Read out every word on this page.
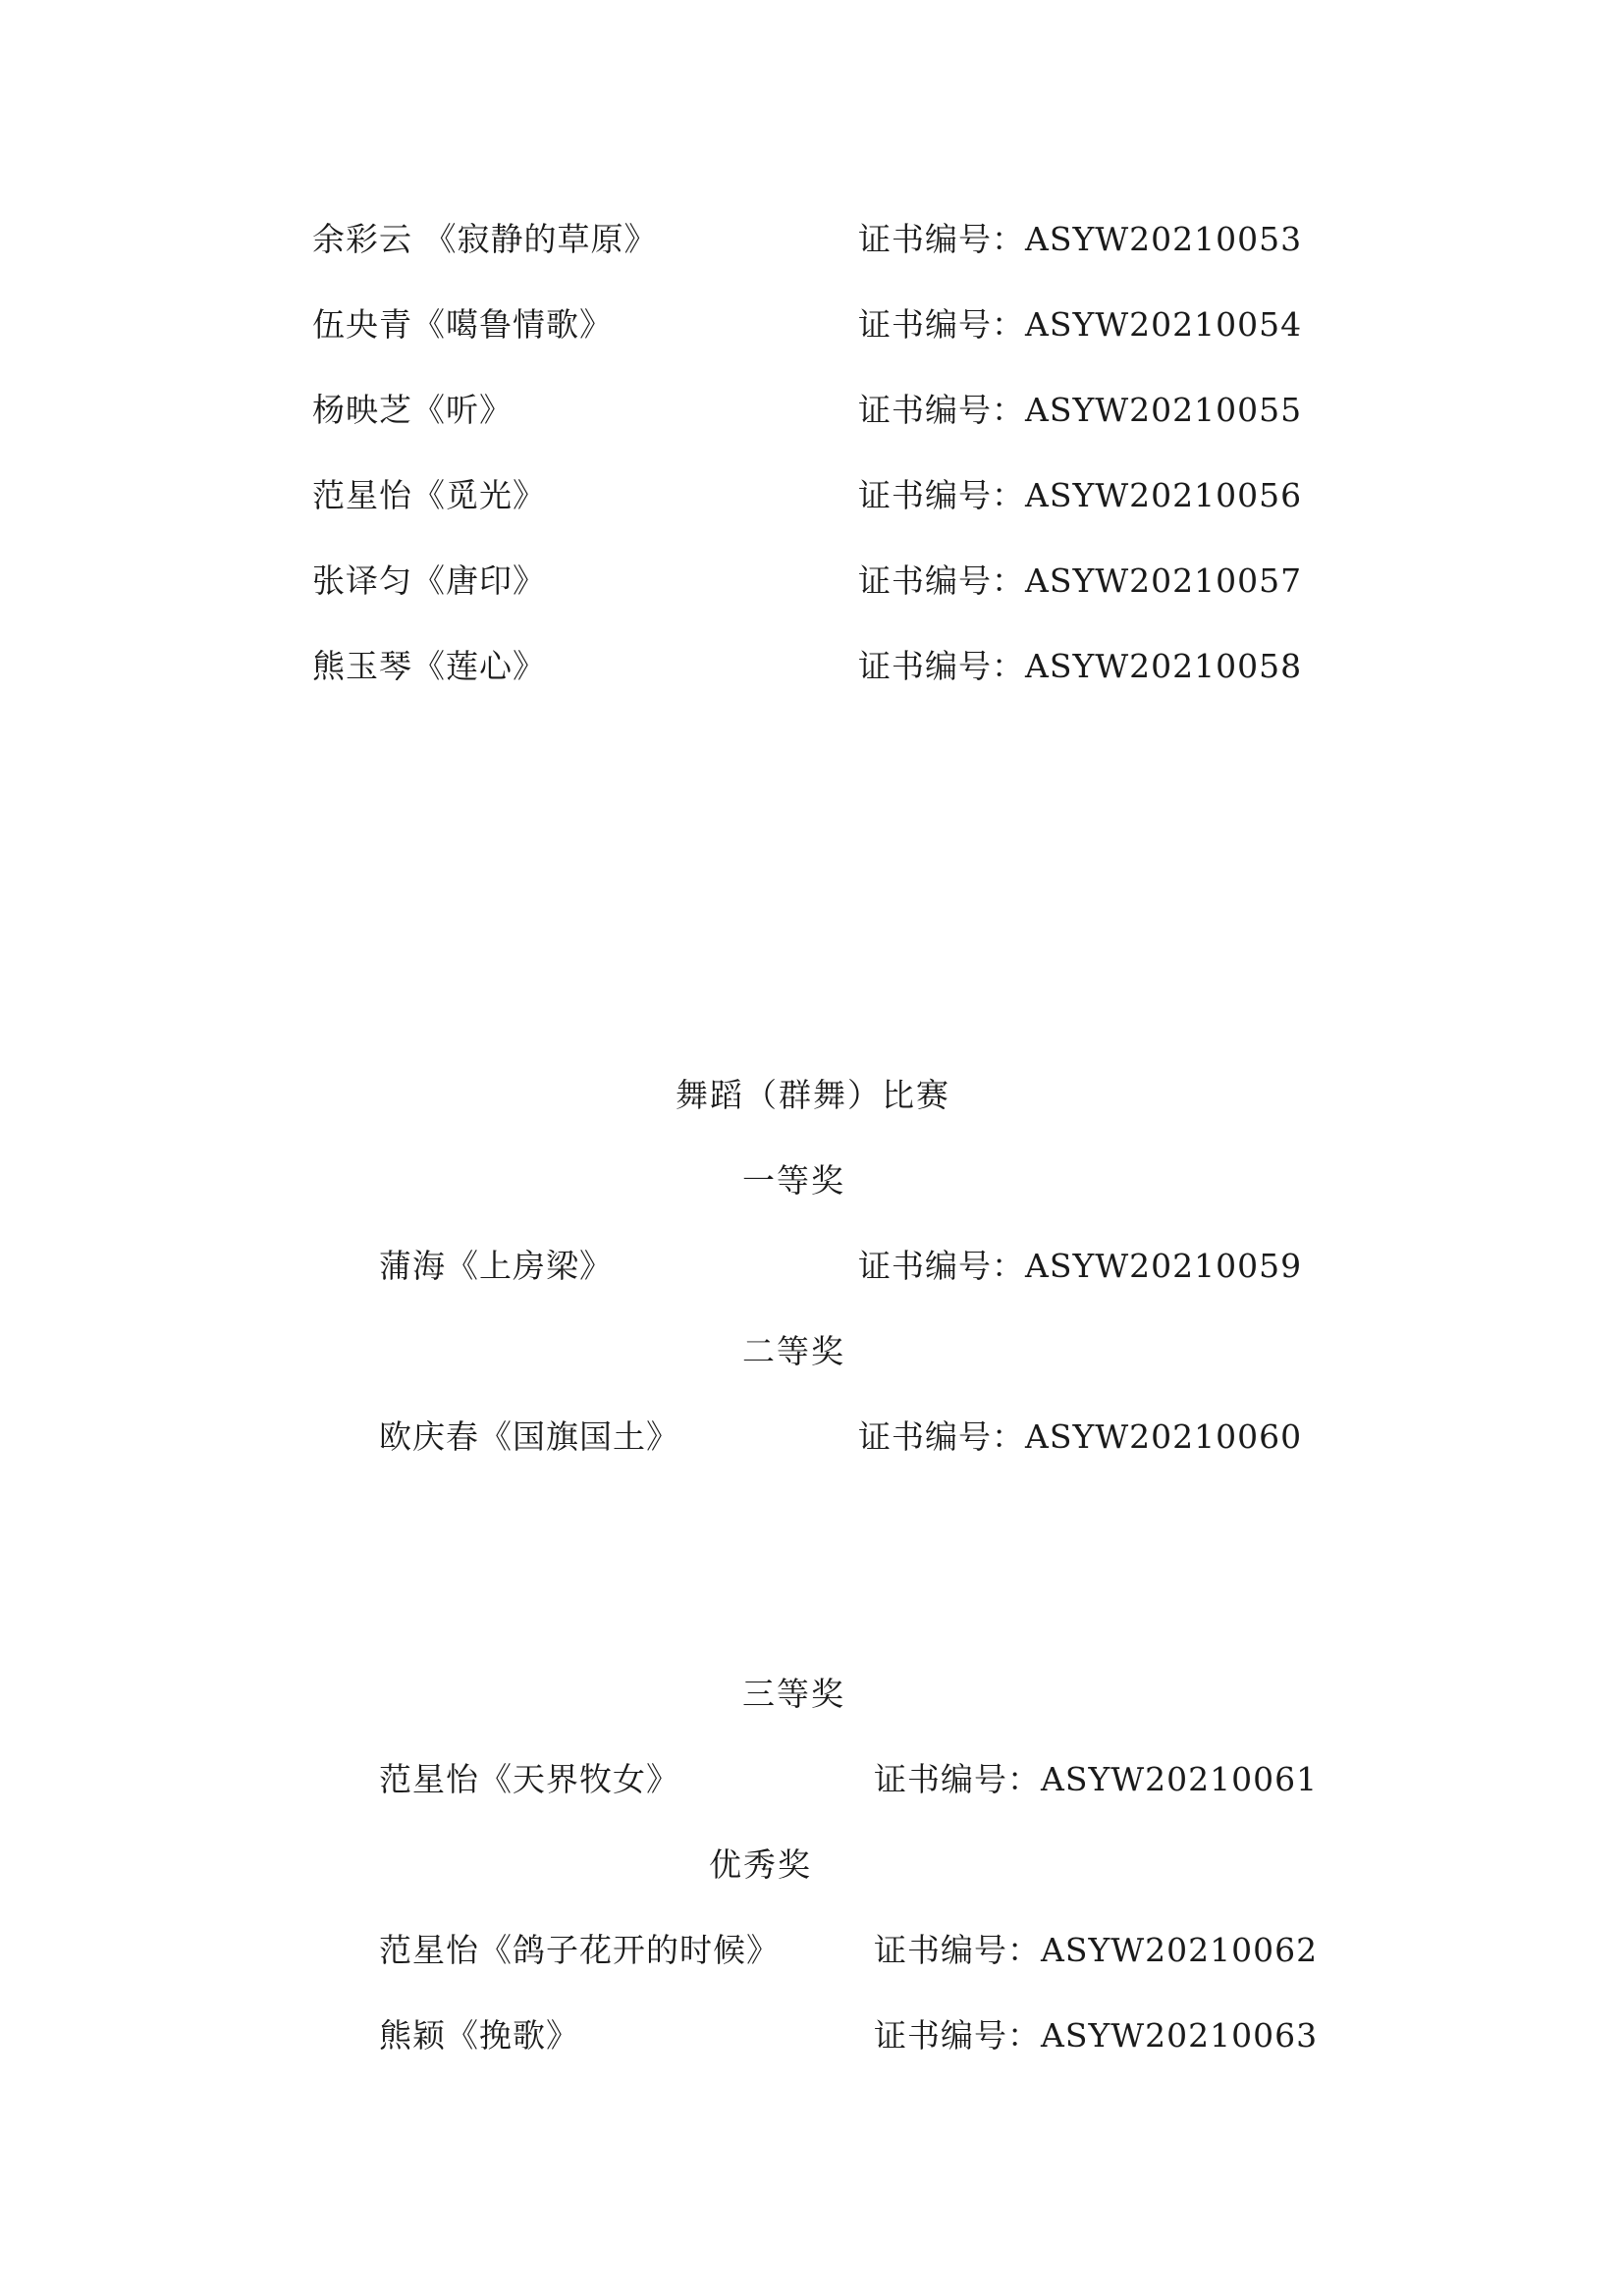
余彩云 《寂静的草原》	证书编号：ASYW20210053
伍央青《噶鲁情歌》	证书编号：ASYW20210054
杨映芝《听》	证书编号：ASYW20210055
范星怡《觅光》	证书编号：ASYW20210056
张译匀《唐印》	证书编号：ASYW20210057
熊玉琴《莲心》	证书编号：ASYW20210058
舞蹈（群舞）比赛
一等奖
蒲海《上房梁》	证书编号：ASYW20210059
二等奖
欧庆春《国旗国土》	证书编号：ASYW20210060
三等奖
范星怡《天界牧女》	证书编号：ASYW20210061
优秀奖
范星怡《鸽子花开的时候》	证书编号：ASYW20210062
熊颖《挽歌》	证书编号：ASYW20210063
